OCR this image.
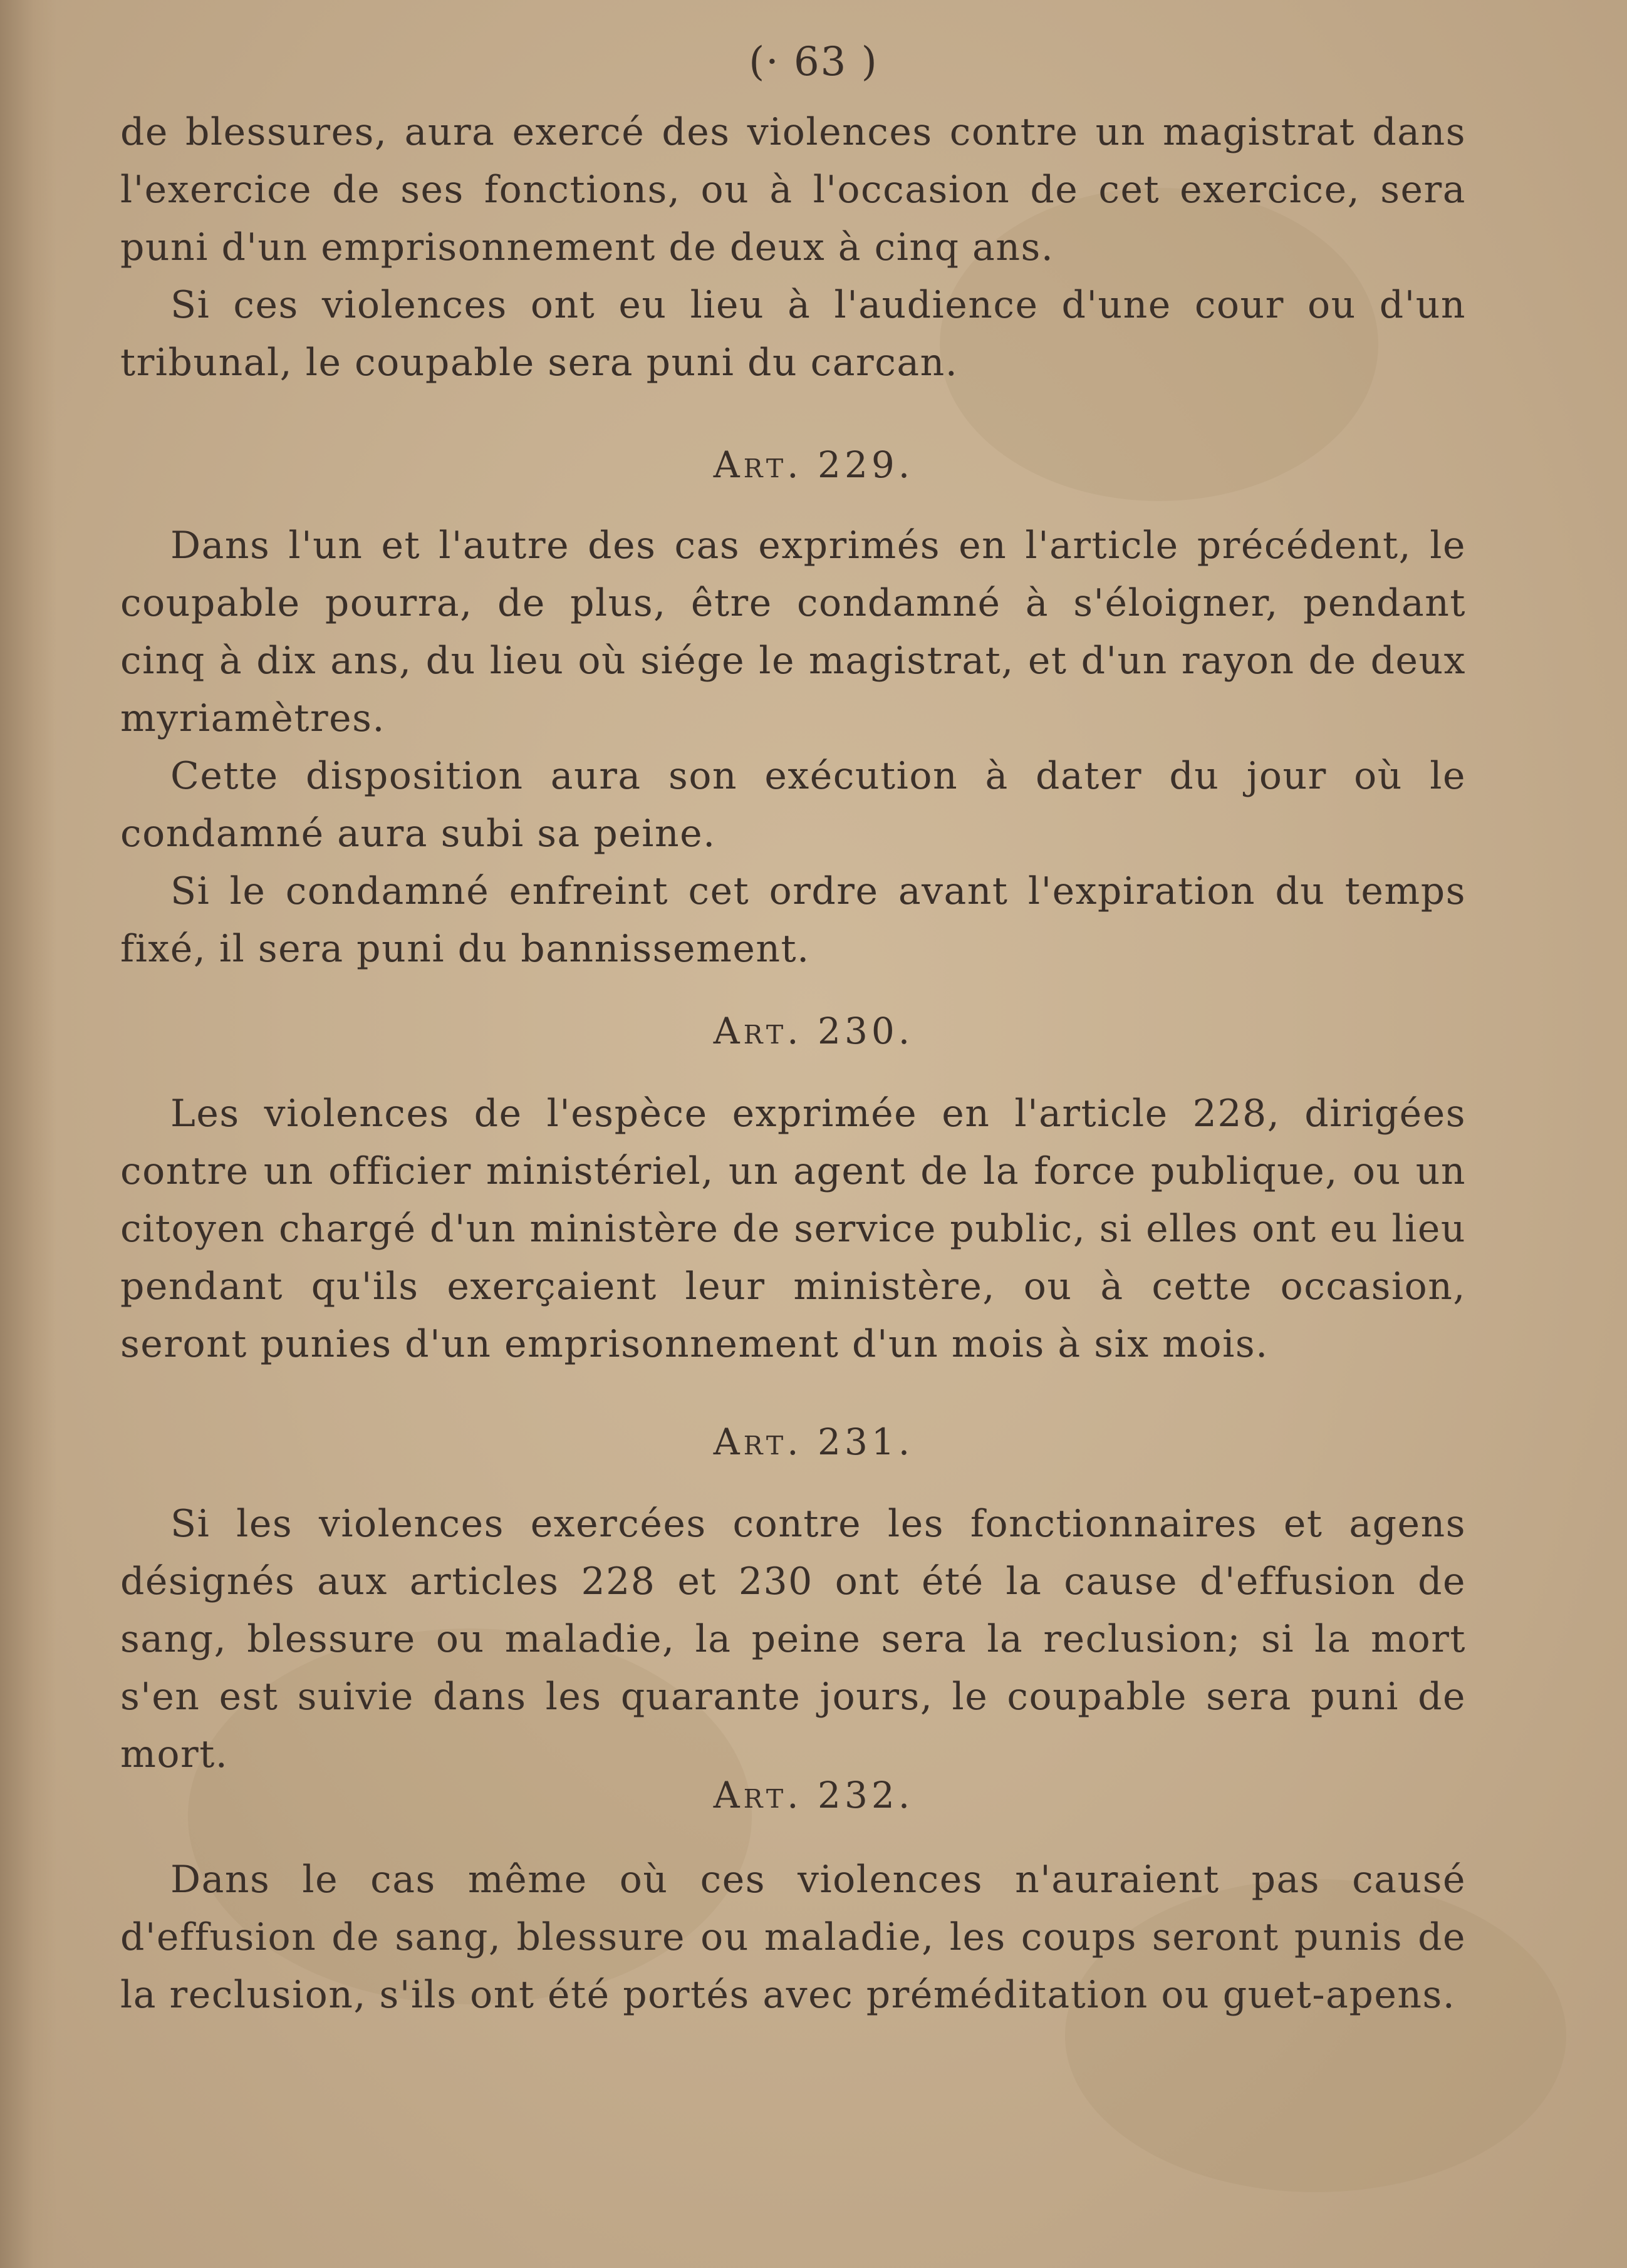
(· 63 )

de blessures, aura exercé des violences contre un magistrat dans l'exercice de ses fonctions, ou à l'occasion de cet exercice, sera puni d'un emprisonnement de deux à cinq ans.

Si ces violences ont eu lieu à l'audience d'une cour ou d'un tribunal, le coupable sera puni du carcan.

Art. 229.

Dans l'un et l'autre des cas exprimés en l'article précédent, le coupable pourra, de plus, être condamné à s'éloigner, pendant cinq à dix ans, du lieu où siége le magistrat, et d'un rayon de deux myriamètres.

Cette disposition aura son exécution à dater du jour où le condamné aura subi sa peine.

Si le condamné enfreint cet ordre avant l'expiration du temps fixé, il sera puni du bannissement.

Art. 230.

Les violences de l'espèce exprimée en l'article 228, dirigées contre un officier ministériel, un agent de la force publique, ou un citoyen chargé d'un ministère de service public, si elles ont eu lieu pendant qu'ils exerçaient leur ministère, ou à cette occasion, seront punies d'un emprisonnement d'un mois à six mois.

Art. 231.

Si les violences exercées contre les fonctionnaires et agens désignés aux articles 228 et 230 ont été la cause d'effusion de sang, blessure ou maladie, la peine sera la reclusion; si la mort s'en est suivie dans les quarante jours, le coupable sera puni de mort.

Art. 232.

Dans le cas même où ces violences n'auraient pas causé d'effusion de sang, blessure ou maladie, les coups seront punis de la reclusion, s'ils ont été portés avec préméditation ou guet-apens.
